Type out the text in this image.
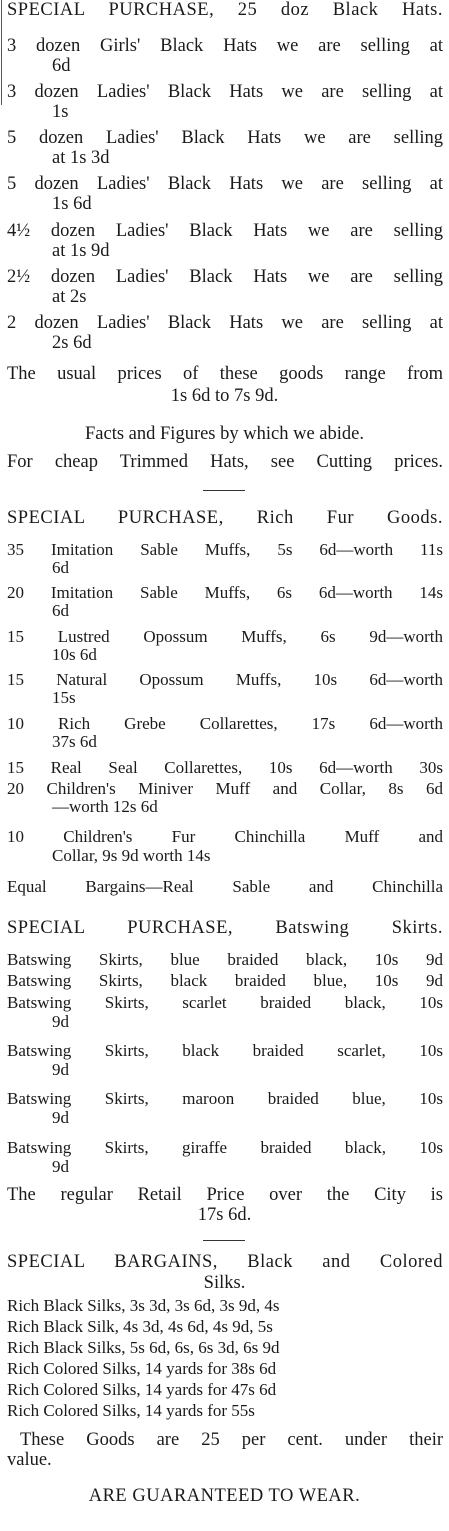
SPECIAL PURCHASE, 25 doz Black Hats.
3 dozen Girls' Black Hats we are selling at
6d
3 dozen Ladies' Black Hats we are selling at
1s
5 dozen Ladies' Black Hats we are selling
at 1s 3d
5 dozen Ladies' Black Hats we are selling at
1s 6d
4½ dozen Ladies' Black Hats we are selling
at 1s 9d
2½ dozen Ladies' Black Hats we are selling
at 2s
2 dozen Ladies' Black Hats we are selling at
2s 6d
The usual prices of these goods range from
1s 6d to 7s 9d.
Facts and Figures by which we abide.
For cheap Trimmed Hats, see Cutting prices.
SPECIAL PURCHASE, Rich Fur Goods.
35 Imitation Sable Muffs, 5s 6d—worth 11s
6d
20 Imitation Sable Muffs, 6s 6d—worth 14s
6d
15 Lustred Opossum Muffs, 6s 9d—worth
10s 6d
15 Natural Opossum Muffs, 10s 6d—worth
15s
10 Rich Grebe Collarettes, 17s 6d—worth
37s 6d
15 Real Seal Collarettes, 10s 6d—worth 30s
20 Children's Miniver Muff and Collar, 8s 6d
—worth 12s 6d
10 Children's Fur Chinchilla Muff and
Collar, 9s 9d worth 14s
Equal Bargains—Real Sable and Chinchilla
SPECIAL PURCHASE, Batswing Skirts.
Batswing Skirts, blue braided black, 10s 9d
Batswing Skirts, black braided blue, 10s 9d
Batswing Skirts, scarlet braided black, 10s
9d
Batswing Skirts, black braided scarlet, 10s
9d
Batswing Skirts, maroon braided blue, 10s
9d
Batswing Skirts, giraffe braided black, 10s
9d
The regular Retail Price over the City is
17s 6d.
SPECIAL BARGAINS, Black and Colored
Silks.
Rich Black Silks, 3s 3d, 3s 6d, 3s 9d, 4s
Rich Black Silk, 4s 3d, 4s 6d, 4s 9d, 5s
Rich Black Silks, 5s 6d, 6s, 6s 3d, 6s 9d
Rich Colored Silks, 14 yards for 38s 6d
Rich Colored Silks, 14 yards for 47s 6d
Rich Colored Silks, 14 yards for 55s
These Goods are 25 per cent. under their
value.
ARE GUARANTEED TO WEAR.
